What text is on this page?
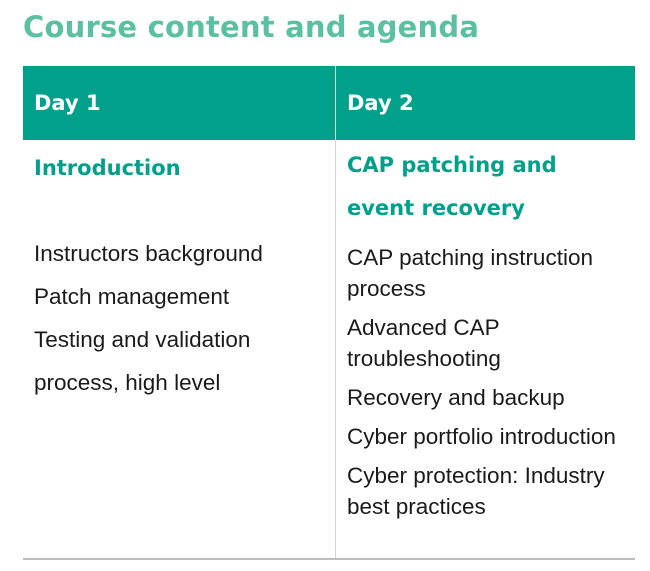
Course content and agenda
Day 1	Day 2
Introduction
Instructors background
Patch management
Testing and validation
process, high level
CAP patching and event recovery
CAP patching instruction process
Advanced CAP troubleshooting
Recovery and backup
Cyber portfolio introduction
Cyber protection: Industry best practices
